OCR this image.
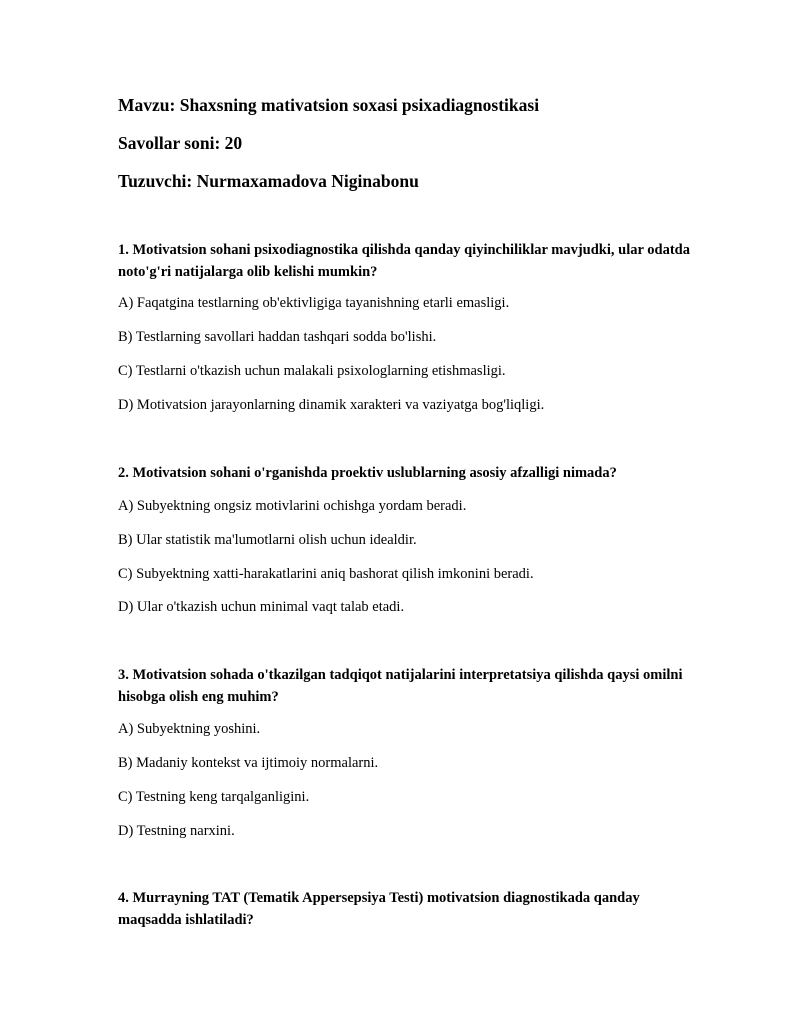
Mavzu: Shaxsning mativatsion soxasi psixadiagnostikasi
Savollar soni: 20
Tuzuvchi: Nurmaxamadova Niginabonu
1. Motivatsion sohani psixodiagnostika qilishda qanday qiyinchiliklar mavjudki, ular odatda noto'g'ri natijalarga olib kelishi mumkin?
A) Faqatgina testlarning ob'ektivligiga tayanishning etarli emasligi.
B) Testlarning savollari haddan tashqari sodda bo'lishi.
C) Testlarni o'tkazish uchun malakali psixologlarning etishmasligi.
D) Motivatsion jarayonlarning dinamik xarakteri va vaziyatga bog'liqligi.
2. Motivatsion sohani o'rganishda proektiv uslublarning asosiy afzalligi nimada?
A) Subyektning ongsiz motivlarini ochishga yordam beradi.
B) Ular statistik ma'lumotlarni olish uchun idealdir.
C) Subyektning xatti-harakatlarini aniq bashorat qilish imkonini beradi.
D) Ular o'tkazish uchun minimal vaqt talab etadi.
3. Motivatsion sohada o'tkazilgan tadqiqot natijalarini interpretatsiya qilishda qaysi omilni hisobga olish eng muhim?
A) Subyektning yoshini.
B) Madaniy kontekst va ijtimoiy normalarni.
C) Testning keng tarqalganligini.
D) Testning narxini.
4. Murrayning TAT (Tematik Appersepsiya Testi) motivatsion diagnostikada qanday maqsadda ishlatiladi?
